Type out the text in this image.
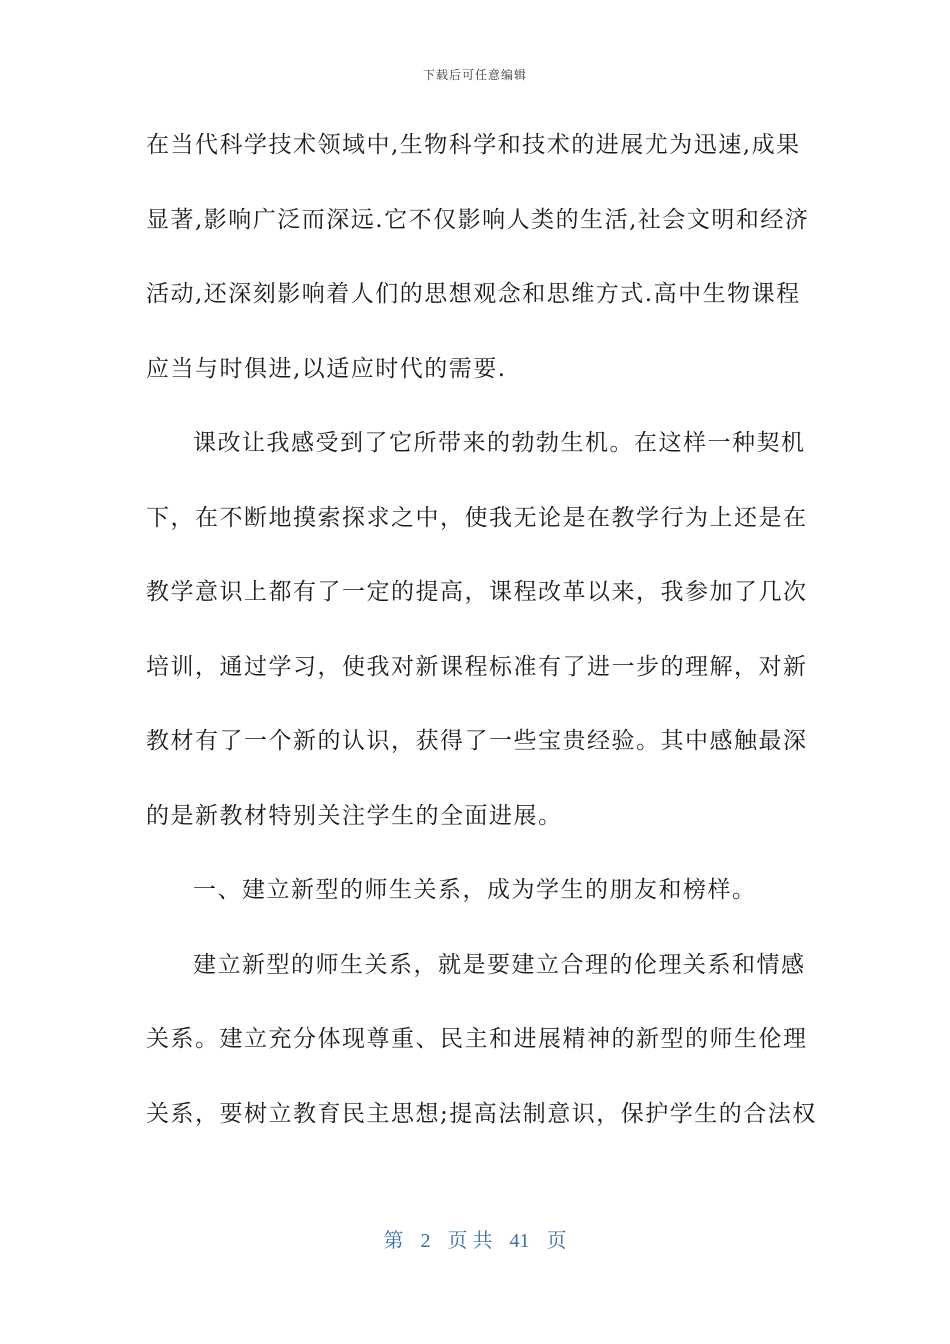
下载后可任意编辑
在当代科学技术领域中,生物科学和技术的进展尤为迅速,成果
显著,影响广泛而深远.它不仅影响人类的生活,社会文明和经济
活动,还深刻影响着人们的思想观念和思维方式.高中生物课程
应当与时俱进,以适应时代的需要.
课改让我感受到了它所带来的勃勃生机。在这样一种契机
下，在不断地摸索探求之中，使我无论是在教学行为上还是在
教学意识上都有了一定的提高，课程改革以来，我参加了几次
培训，通过学习，使我对新课程标准有了进一步的理解，对新
教材有了一个新的认识，获得了一些宝贵经验。其中感触最深
的是新教材特别关注学生的全面进展。
一、建立新型的师生关系，成为学生的朋友和榜样。
建立新型的师生关系，就是要建立合理的伦理关系和情感
关系。建立充分体现尊重、民主和进展精神的新型的师生伦理
关系，要树立教育民主思想;提高法制意识，保护学生的合法权
第 2 页 共 41 页
